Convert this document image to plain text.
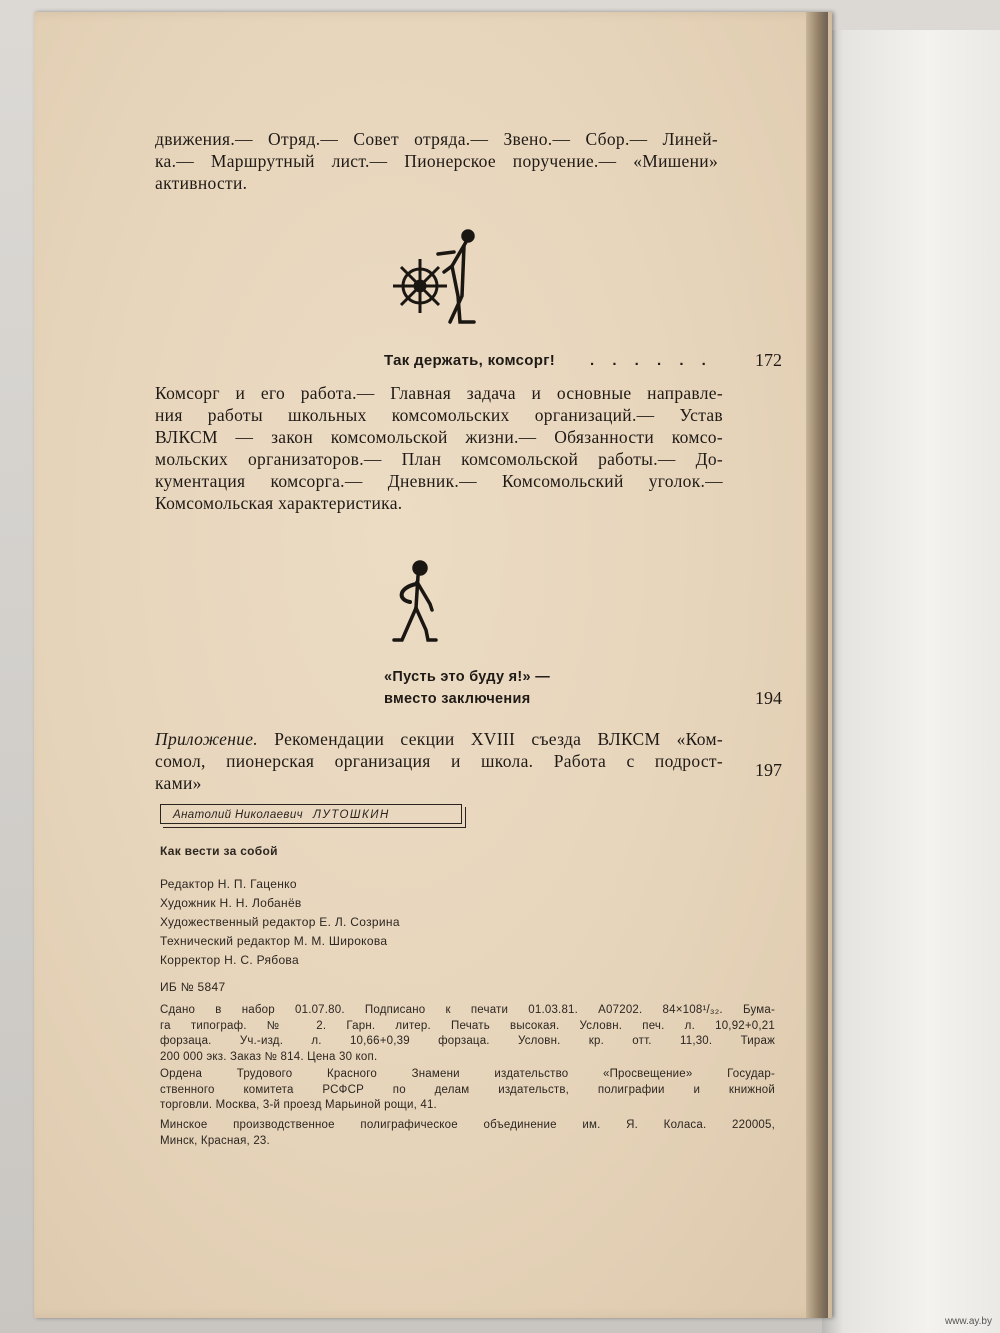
движения.— Отряд.— Совет отряда.— Звено.— Сбор.— Линей-
ка.— Маршрутный лист.— Пионерское поручение.— «Мишени»
активности.
Так держать, комсорг! . . . . . . 172
Комсорг и его работа.— Главная задача и основные направле-
ния работы школьных комсомольских организаций.— Устав
ВЛКСМ — закон комсомольской жизни.— Обязанности комсо-
мольских организаторов.— План комсомольской работы.— До-
кументация комсорга.— Дневник.— Комсомольский уголок.—
Комсомольская характеристика.
«Пусть это буду я!» —
вместо заключения	194
Приложение. Рекомендации секции XVIII съезда ВЛКСМ «Ком-
сомол, пионерская организация и школа. Работа с подрост-
ками»
197
Анатолий Николаевич ЛУТОШКИН
Как вести за собой
Редактор Н. П. Гаценко
Художник Н. Н. Лобанёв
Художественный редактор Е. Л. Созрина
Технический редактор М. М. Широкова
Корректор Н. С. Рябова
ИБ № 5847
Сдано в набор 01.07.80. Подписано к печати 01.03.81. А07202. 84×108¹/₃₂. Бума-
га типограф. № 2. Гарн. литер. Печать высокая. Условн. печ. л. 10,92+0,21
форзаца. Уч.-изд. л. 10,66+0,39 форзаца. Условн. кр. отт. 11,30. Тираж
200 000 экз. Заказ № 814. Цена 30 коп.
Ордена Трудового Красного Знамени издательство «Просвещение» Государ-
ственного комитета РСФСР по делам издательств, полиграфии и книжной
торговли. Москва, 3-й проезд Марьиной рощи, 41.
Минское производственное полиграфическое объединение им. Я. Коласа. 220005,
Минск, Красная, 23.
www.ay.by
